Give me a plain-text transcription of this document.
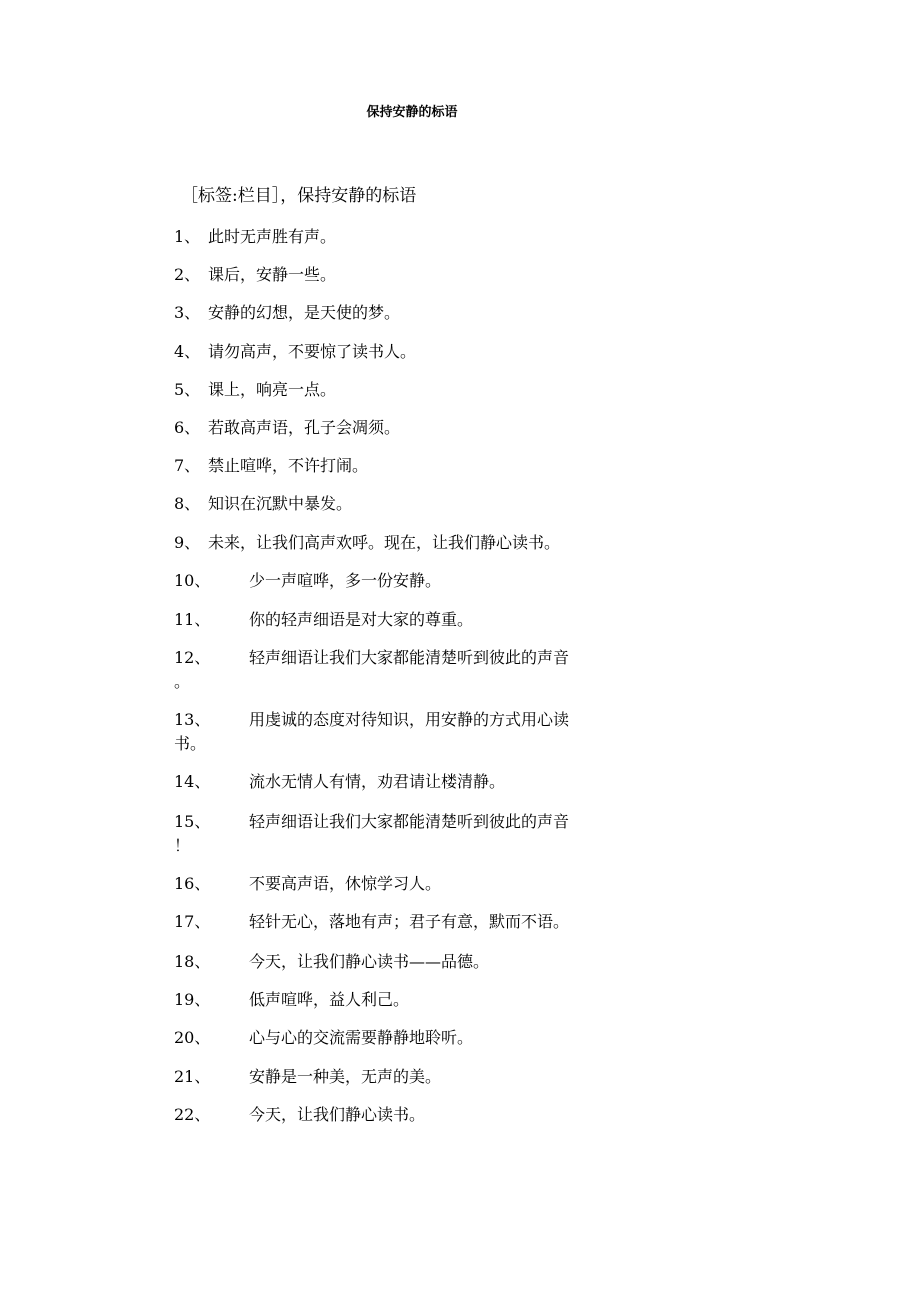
保持安静的标语
［标签:栏目］，保持安静的标语
1、 此时无声胜有声。
2、 课后，安静一些。
3、 安静的幻想，是天使的梦。
4、 请勿高声，不要惊了读书人。
5、 课上，响亮一点。
6、 若敢高声语，孔子会凋须。
7、 禁止喧哗，不许打闹。
8、 知识在沉默中暴发。
9、 未来，让我们高声欢呼。现在，让我们静心读书。
10、 少一声喧哗，多一份安静。
11、 你的轻声细语是对大家的尊重。
12、 轻声细语让我们大家都能清楚听到彼此的声音
。
13、 用虔诚的态度对待知识，用安静的方式用心读
书。
14、 流水无情人有情，劝君请让楼清静。
15、 轻声细语让我们大家都能清楚听到彼此的声音
！
16、 不要高声语，休惊学习人。
17、 轻针无心，落地有声；君子有意，默而不语。
18、 今天，让我们静心读书——品德。
19、 低声喧哗，益人利己。
20、 心与心的交流需要静静地聆听。
21、 安静是一种美，无声的美。
22、 今天，让我们静心读书。
